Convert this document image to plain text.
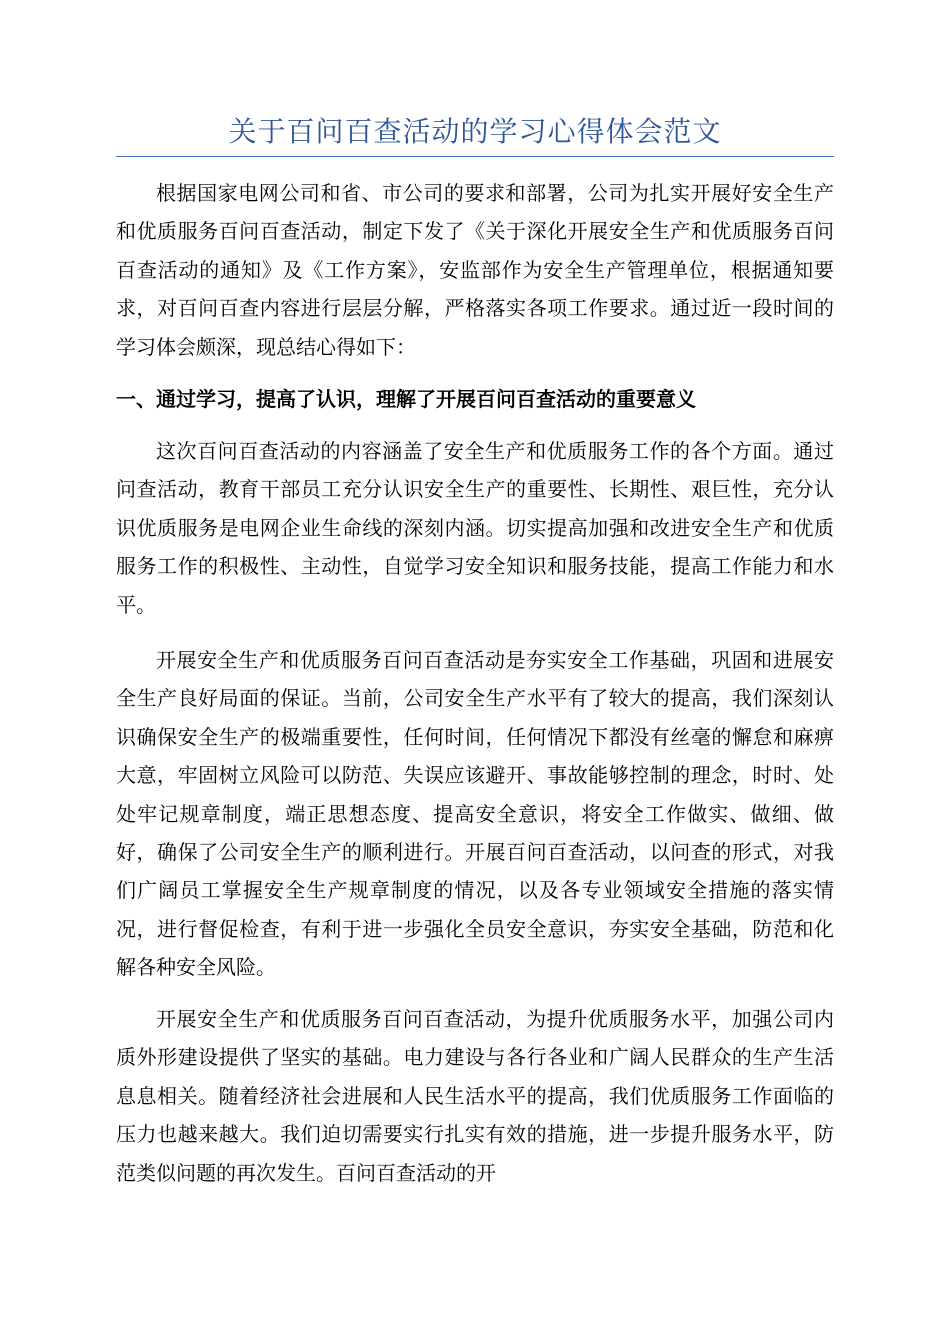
关于百问百查活动的学习心得体会范文

根据国家电网公司和省、市公司的要求和部署，公司为扎实开展好安全生产和优质服务百问百查活动，制定下发了《关于深化开展安全生产和优质服务百问百查活动的通知》及《工作方案》，安监部作为安全生产管理单位，根据通知要求，对百问百查内容进行层层分解，严格落实各项工作要求。通过近一段时间的学习体会颇深，现总结心得如下：

一、通过学习，提高了认识，理解了开展百问百查活动的重要意义

这次百问百查活动的内容涵盖了安全生产和优质服务工作的各个方面。通过问查活动，教育干部员工充分认识安全生产的重要性、长期性、艰巨性，充分认识优质服务是电网企业生命线的深刻内涵。切实提高加强和改进安全生产和优质服务工作的积极性、主动性，自觉学习安全知识和服务技能，提高工作能力和水平。

开展安全生产和优质服务百问百查活动是夯实安全工作基础，巩固和进展安全生产良好局面的保证。当前，公司安全生产水平有了较大的提高，我们深刻认识确保安全生产的极端重要性，任何时间，任何情况下都没有丝毫的懈怠和麻痹大意，牢固树立风险可以防范、失误应该避开、事故能够控制的理念，时时、处处牢记规章制度，端正思想态度、提高安全意识，将安全工作做实、做细、做好，确保了公司安全生产的顺利进行。开展百问百查活动，以问查的形式，对我们广阔员工掌握安全生产规章制度的情况，以及各专业领域安全措施的落实情况，进行督促检查，有利于进一步强化全员安全意识，夯实安全基础，防范和化解各种安全风险。

开展安全生产和优质服务百问百查活动，为提升优质服务水平，加强公司内质外形建设提供了坚实的基础。电力建设与各行各业和广阔人民群众的生产生活息息相关。随着经济社会进展和人民生活水平的提高，我们优质服务工作面临的压力也越来越大。我们迫切需要实行扎实有效的措施，进一步提升服务水平，防范类似问题的再次发生。百问百查活动的开
